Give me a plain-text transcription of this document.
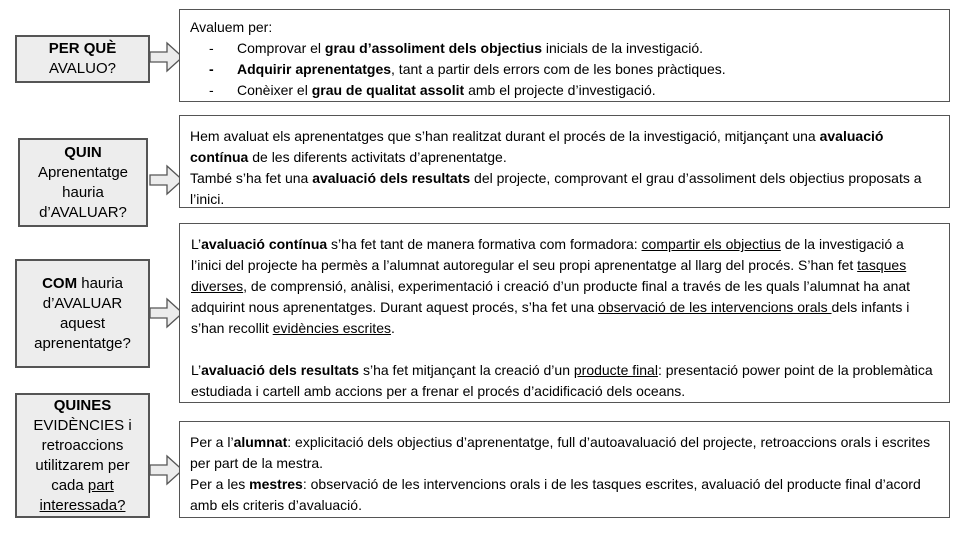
PER QUÈ
AVALUO?
Avaluem per:
-	Comprovar el grau d’assoliment dels objectius inicials de la investigació.
-	Adquirir aprenentatges, tant a partir dels errors com de les bones pràctiques.
-	Conèixer el grau de qualitat assolit amb el projecte d’investigació.
QUIN
Aprenentatge
hauria
d’AVALUAR?
Hem avaluat els aprenentatges que s’han realitzat durant el procés de la investigació, mitjançant una avaluació contínua de les diferents activitats d’aprenentatge.
També s’ha fet una avaluació dels resultats del projecte, comprovant el grau d’assoliment dels objectius proposats a l’inici.
COM hauria
d’AVALUAR
aquest
aprenentatge?
L’avaluació contínua s’ha fet tant de manera formativa com formadora: compartir els objectius de la investigació a l’inici del projecte ha permès a l’alumnat autoregular el seu propi aprenentatge al llarg del procés. S’han fet tasques diverses, de comprensió, anàlisi, experimentació i creació d’un producte final a través de les quals l’alumnat ha anat adquirint nous aprenentatges. Durant aquest procés, s’ha fet una observació de les intervencions orals dels infants i s’han recollit evidències escrites.
L’avaluació dels resultats s’ha fet mitjançant la creació d’un producte final: presentació power point de la problemàtica estudiada i cartell amb accions per a frenar el procés d’acidificació dels oceans.
QUINES
EVIDÈNCIES i
retroaccions
utilitzarem per
cada part
interessada?
Per a l’alumnat: explicitació dels objectius d’aprenentatge, full d’autoavaluació del projecte, retroaccions orals i escrites per part de la mestra.
Per a les mestres: observació de les intervencions orals i de les tasques escrites, avaluació del producte final d’acord amb els criteris d’avaluació.
